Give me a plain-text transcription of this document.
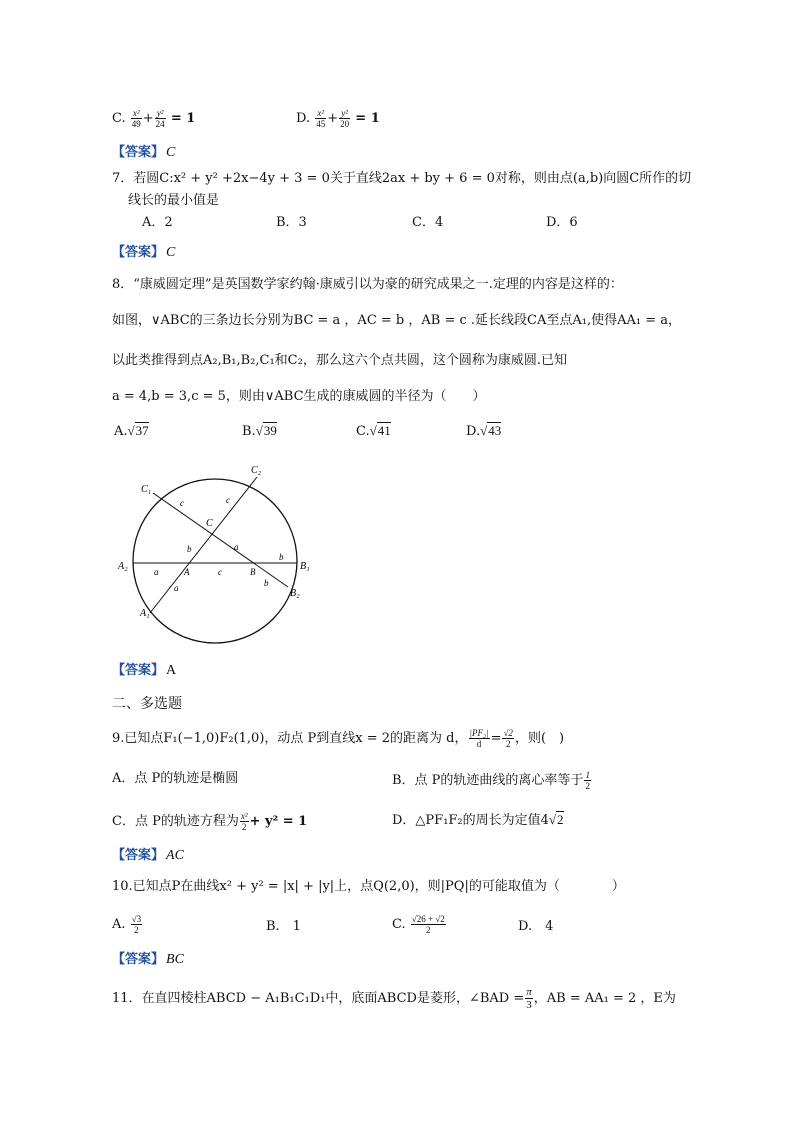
C. $\frac{\text{x²}}{49} + \frac{\text{y²}}{24} = 1$	D. $\frac{\text{x²}}{45} + \frac{\text{y²}}{20} = 1$
【答案】 C
7．若圆C:x² + y² +2x−4y + 3 = 0关于直线2ax + by + 6 = 0对称，则由点(a,b)向圆C所作的切
线长的最小值是
A．2	B．3	C．4	D．6
【答案】 C
8．“康威圆定理”是英国数学家约翰·康威引以为豪的研究成果之一.定理的内容是这样的：
如图，∨ABC的三条边长分别为BC = a ，AC = b ，AB = c .延长线段CA至点A₁,使得AA₁ = a，
以此类推得到点A₂,B₁,B₂,C₁和C₂，那么这六个点共圆，这个圆称为康威圆.已知
a = 4,b = 3,c = 5，则由∨ABC生成的康威圆的半径为（　　）
A.√37	B.√39	C.√41	D.√43
C₁
C₂
C
A	B
A₂	B₁
B₂
A₁
c	c
b	a
b
a	c
a	b
【答案】 A
二、多选题
9.已知点F₁(−1,0)F₂(1,0)，动点 P到直线x = 2的距离为 d， $\frac{\text{|PF₂|}}{d} = \frac{√2}{2}$ ，则(　)
A．点 P的轨迹是椭圆	B．点 P的轨迹曲线的离心率等于 $\frac{1}{2}$
C．点 P的轨迹方程为 $\frac{\text{x²}}{2} + y^2 = 1$	D．△PF₁F₂的周长为定值4√2
【答案】 AC
10.已知点P在曲线x² + y² = |x| + |y|上，点Q(2,0)，则|PQ|的可能取值为（　　　　）
A. $\frac{√3}{2}$	B.　1	C. $\frac{√26 + √2}{2}$	D.　4
【答案】 BC
11．在直四棱柱ABCD − A₁B₁C₁D₁中，底面ABCD是菱形，∠BAD = $\frac{\pi}{3}$ ，AB = AA₁ = 2 ，E为
